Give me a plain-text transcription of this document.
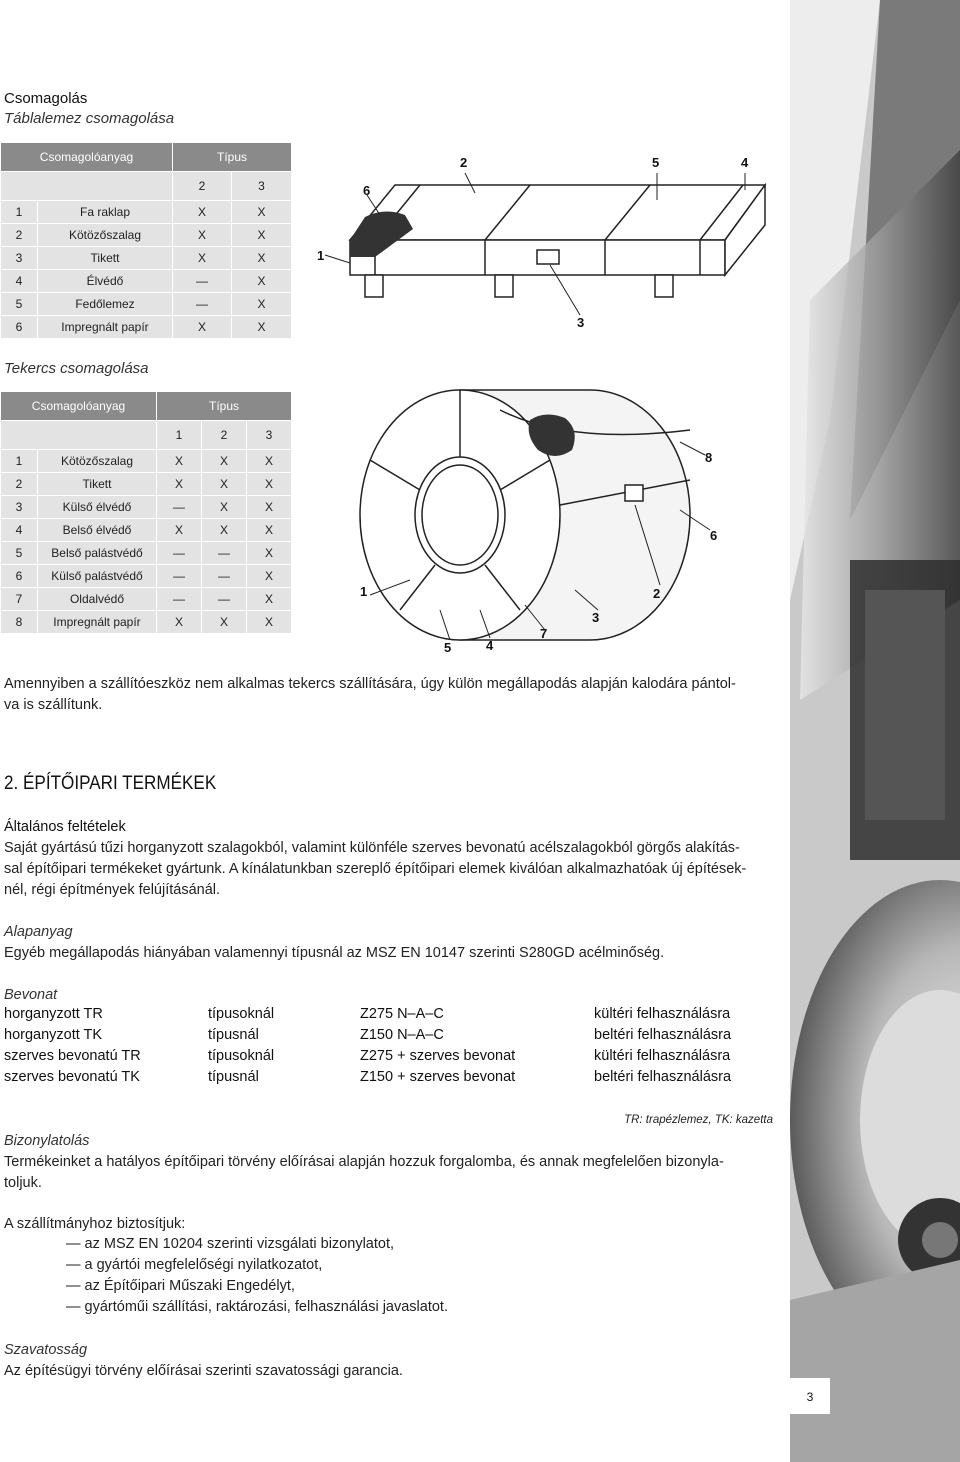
3
Csomagolás
Táblalemez csomagolása
Csomagolóanyag		Típus	
		2	3
1	Fa raklap	X	X
2	Kötözőszalag	X	X
3	Tikett	X	X
4	Élvédő	—	X
5	Fedőlemez	—	X
6	Impregnált papír	X	X
1
2
3
4
5
6
Tekercs csomagolása
Csomagolóanyag		Típus		
		1	2	3
1	Kötözőszalag	X	X	X
2	Tikett	X	X	X
3	Külső élvédő	—	X	X
4	Belső élvédő	X	X	X
5	Belső palástvédő	—	—	X
6	Külső palástvédő	—	—	X
7	Oldalvédő	—	—	X
8	Impregnált papír	X	X	X
1	2
3
4
5
6
7
8
Amennyiben a szállítóeszköz nem alkalmas tekercs szállítására, úgy külön megállapodás alapján kalodára pántol-
va is szállítunk.
2. ÉPÍTŐIPARI TERMÉKEK
Általános feltételek
Saját gyártású tűzi horganyzott szalagokból, valamint különféle szerves bevonatú acélszalagokból görgős alakítás-
sal építőipari termékeket gyártunk. A kínálatunkban szereplő építőipari elemek kiválóan alkalmazhatóak új építések-
nél, régi építmények felújításánál.
Alapanyag
Egyéb megállapodás hiányában valamennyi típusnál az MSZ EN 10147 szerinti S280GD acélminőség.
Bevonat
horganyzott TR	típusoknál	Z275 N–A–C	kültéri felhasználásra
horganyzott TK	típusnál	Z150 N–A–C	beltéri felhasználásra
szerves bevonatú TR	típusoknál	Z275 + szerves bevonat	kültéri felhasználásra
szerves bevonatú TK	típusnál	Z150 + szerves bevonat	beltéri felhasználásra
TR: trapézlemez, TK: kazetta
Bizonylatolás
Termékeinket a hatályos építőipari törvény előírásai alapján hozzuk forgalomba, és annak megfelelően bizonyla-
toljuk.
A szállítmányhoz biztosítjuk:
— az MSZ EN 10204 szerinti vizsgálati bizonylatot,
— a gyártói megfelelőségi nyilatkozatot,
— az Építőipari Műszaki Engedélyt,
— gyártóműi szállítási, raktározási, felhasználási javaslatot.
Szavatosság
Az építésügyi törvény előírásai szerinti szavatossági garancia.
